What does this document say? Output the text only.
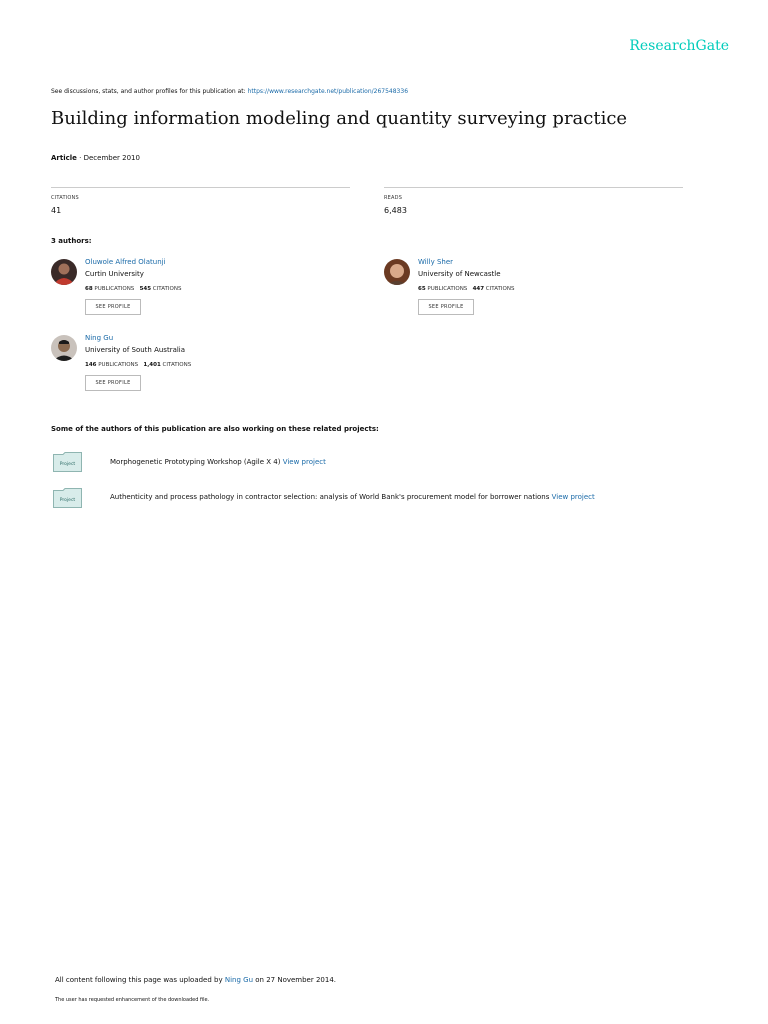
ResearchGate
See discussions, stats, and author profiles for this publication at: https://www.researchgate.net/publication/267548336
Building information modeling and quantity surveying practice
Article · December 2010
CITATIONS
41
READS
6,483
3 authors:
Oluwole Alfred Olatunji
Curtin University
68 PUBLICATIONS 545 CITATIONS
SEE PROFILE
Willy Sher
University of Newcastle
65 PUBLICATIONS 447 CITATIONS
SEE PROFILE
Ning Gu
University of South Australia
146 PUBLICATIONS 1,401 CITATIONS
SEE PROFILE
Some of the authors of this publication are also working on these related projects:
Project	Morphogenetic Prototyping Workshop (Agile X 4) View project
Project	Authenticity and process pathology in contractor selection: analysis of World Bank's procurement model for borrower nations View project
All content following this page was uploaded by Ning Gu on 27 November 2014.
The user has requested enhancement of the downloaded file.
